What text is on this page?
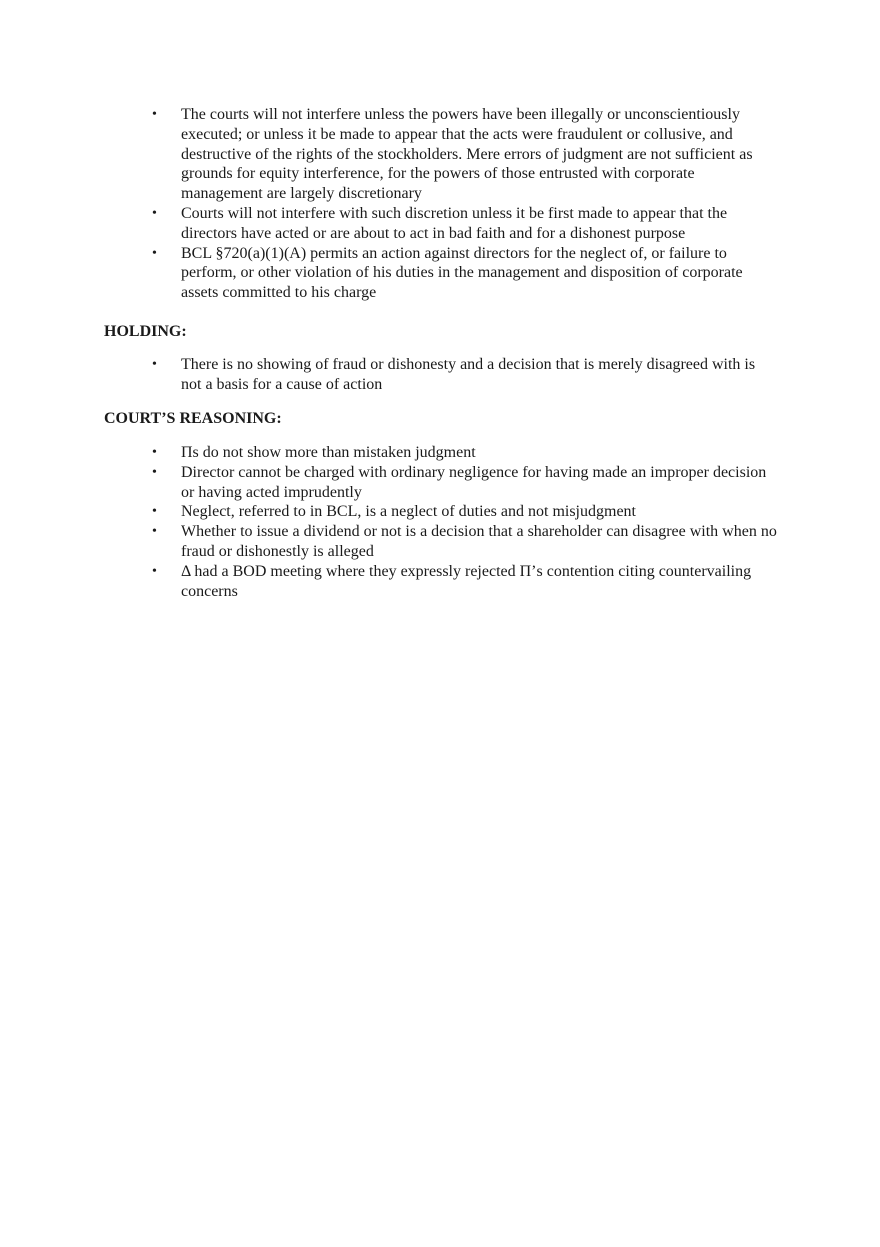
• The courts will not interfere unless the powers have been illegally or unconscientiously executed; or unless it be made to appear that the acts were fraudulent or collusive, and destructive of the rights of the stockholders. Mere errors of judgment are not sufficient as grounds for equity interference, for the powers of those entrusted with corporate management are largely discretionary
• Courts will not interfere with such discretion unless it be first made to appear that the directors have acted or are about to act in bad faith and for a dishonest purpose
• BCL §720(a)(1)(A) permits an action against directors for the neglect of, or failure to perform, or other violation of his duties in the management and disposition of corporate assets committed to his charge
HOLDING:
• There is no showing of fraud or dishonesty and a decision that is merely disagreed with is not a basis for a cause of action
COURT’S REASONING:
• Πs do not show more than mistaken judgment
• Director cannot be charged with ordinary negligence for having made an improper decision or having acted imprudently
• Neglect, referred to in BCL, is a neglect of duties and not misjudgment
• Whether to issue a dividend or not is a decision that a shareholder can disagree with when no fraud or dishonestly is alleged
• Δ had a BOD meeting where they expressly rejected Π’s contention citing countervailing concerns
